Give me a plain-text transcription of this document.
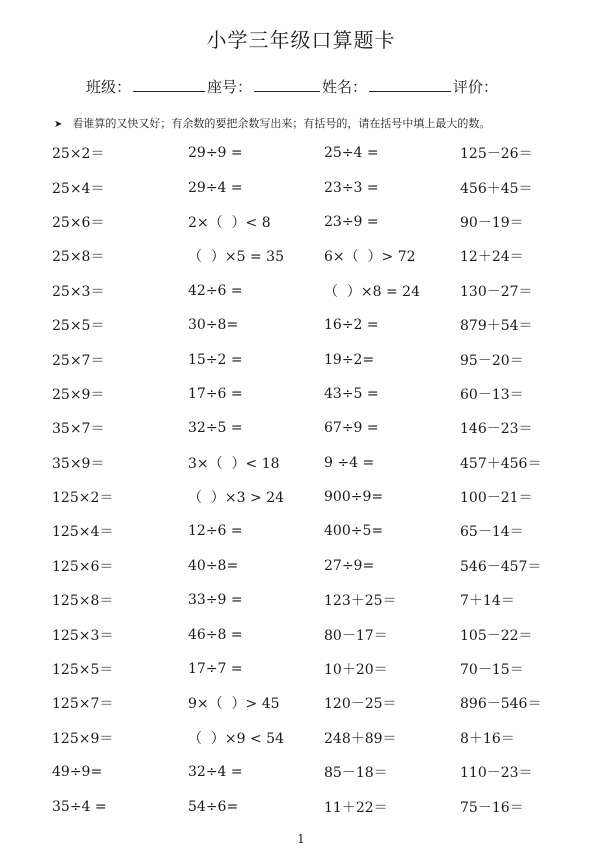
小学三年级口算题卡
班级：	座号：	姓名：	评价：
➤ 看谁算的又快又好；有余数的要把余数写出来；有括号的，请在括号中填上最大的数。
25×2＝	29÷9 =	25÷4 =	125－26＝
25×4＝	29÷4 =	23÷3 =	456＋45＝
25×6＝	2×（  ）< 8	23÷9 =	90－19＝
25×8＝	（  ）×5 = 35	6×（  ）> 72	12＋24＝
25×3＝	42÷6 =	（  ）×8 = 24	130－27＝
25×5＝	30÷8=	16÷2 =	879＋54＝
25×7＝	15÷2 =	19÷2=	95－20＝
25×9＝	17÷6 =	43÷5 =	60－13＝
35×7＝	32÷5 =	67÷9 =	146－23＝
35×9＝	3×（  ）< 18	9 ÷4 =	457＋456＝
125×2＝	（  ）×3 > 24	900÷9=	100－21＝
125×4＝	12÷6 =	400÷5=	65－14＝
125×6＝	40÷8=	27÷9=	546－457＝
125×8＝	33÷9 =	123＋25＝	7＋14＝
125×3＝	46÷8 =	80－17＝	105－22＝
125×5＝	17÷7 =	10＋20＝	70－15＝
125×7＝	9×（  ）> 45	120－25＝	896－546＝
125×9＝	（  ）×9 < 54	248＋89＝	8＋16＝
49÷9=	32÷4 =	85－18＝	110－23＝
35÷4 =	54÷6=	11＋22＝	75－16＝
1
